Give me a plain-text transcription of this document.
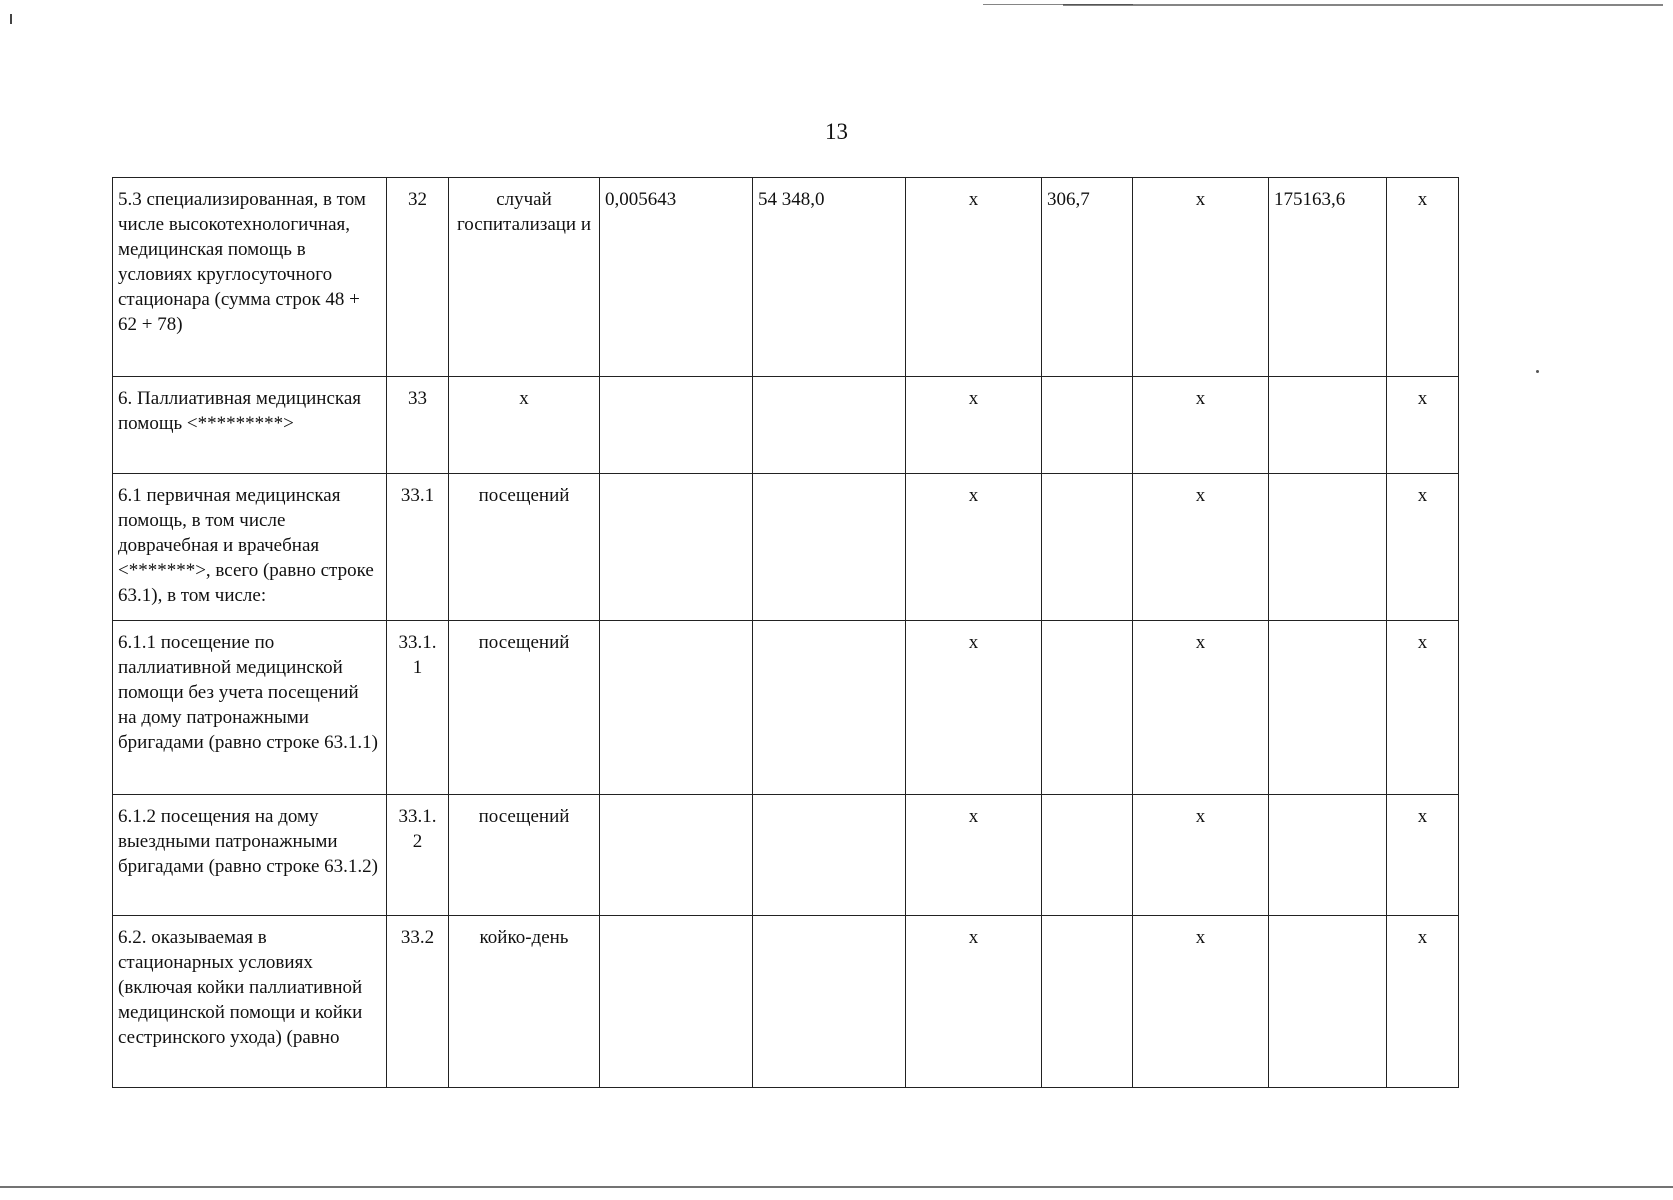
13
5.3 специализированная, в том числе высокотехнологичная, медицинская помощь в условиях круглосуточного стационара (сумма строк 48 + 62 + 78)	32	случай госпитализаци и	0,005643	54 348,0	х	306,7	х	175163,6	х
6. Паллиативная медицинская помощь <*********>	33	х			х		х		х
6.1 первичная медицинская помощь, в том числе доврачебная и врачебная <*******>, всего (равно строке 63.1), в том числе:	33.1	посещений			х		х		х
6.1.1 посещение по паллиативной медицинской помощи без учета посещений на дому патронажными бригадами (равно строке 63.1.1)	33.1. 1	посещений			х		х		х
6.1.2 посещения на дому выездными патронажными бригадами (равно строке 63.1.2)	33.1. 2	посещений			х		х		х
6.2. оказываемая в стационарных условиях (включая койки паллиативной медицинской помощи и койки сестринского ухода) (равно	33.2	койко-день			х		х		х
